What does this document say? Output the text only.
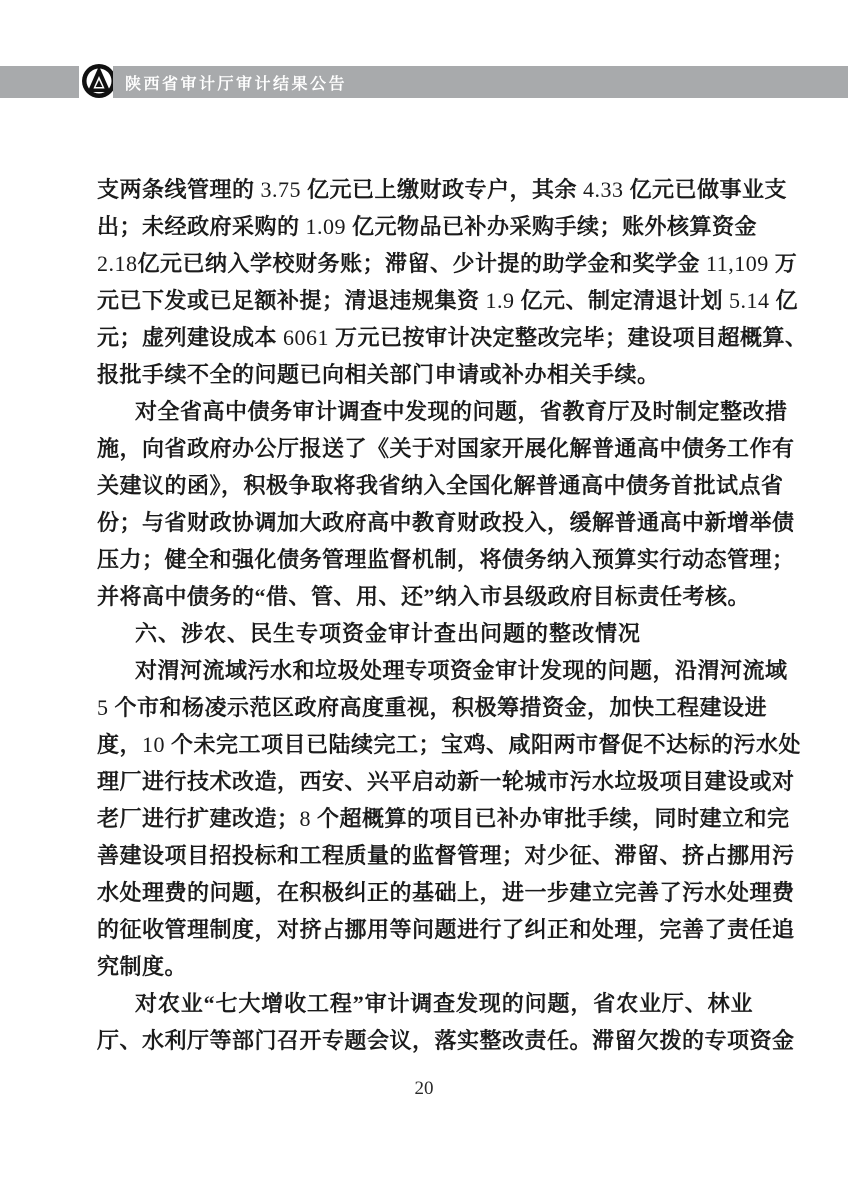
陕西省审计厅审计结果公告
支两条线管理的 3.75 亿元已上缴财政专户，其余 4.33 亿元已做事业支
出；未经政府采购的 1.09 亿元物品已补办采购手续；账外核算资金
2.18亿元已纳入学校财务账；滞留、少计提的助学金和奖学金 11,109 万
元已下发或已足额补提；清退违规集资 1.9 亿元、制定清退计划 5.14 亿
元；虚列建设成本 6061 万元已按审计决定整改完毕；建设项目超概算、
报批手续不全的问题已向相关部门申请或补办相关手续。
对全省高中债务审计调查中发现的问题，省教育厅及时制定整改措
施，向省政府办公厅报送了《关于对国家开展化解普通高中债务工作有
关建议的函》，积极争取将我省纳入全国化解普通高中债务首批试点省
份；与省财政协调加大政府高中教育财政投入，缓解普通高中新增举债
压力；健全和强化债务管理监督机制，将债务纳入预算实行动态管理；
并将高中债务的“借、管、用、还”纳入市县级政府目标责任考核。
六、涉农、民生专项资金审计查出问题的整改情况
对渭河流域污水和垃圾处理专项资金审计发现的问题，沿渭河流域
5 个市和杨凌示范区政府高度重视，积极筹措资金，加快工程建设进
度，10 个未完工项目已陆续完工；宝鸡、咸阳两市督促不达标的污水处
理厂进行技术改造，西安、兴平启动新一轮城市污水垃圾项目建设或对
老厂进行扩建改造；8 个超概算的项目已补办审批手续，同时建立和完
善建设项目招投标和工程质量的监督管理；对少征、滞留、挤占挪用污
水处理费的问题，在积极纠正的基础上，进一步建立完善了污水处理费
的征收管理制度，对挤占挪用等问题进行了纠正和处理，完善了责任追
究制度。
对农业“七大增收工程”审计调查发现的问题，省农业厅、林业
厅、水利厅等部门召开专题会议，落实整改责任。滞留欠拨的专项资金
20
